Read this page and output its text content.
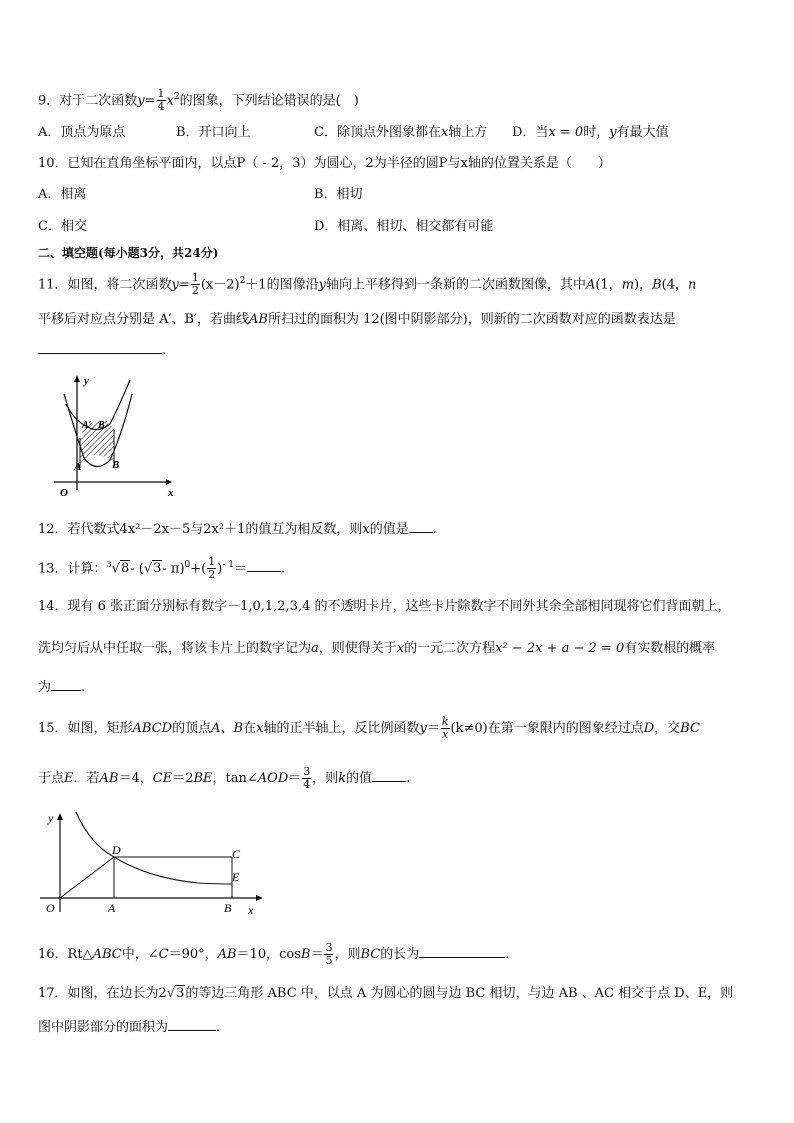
9．对于二次函数$y= \frac{1}{4} x^2$的图象，下列结论错误的是(　)
A．顶点为原点	B．开口向上	C．除顶点外图象都在x轴上方 D．当x = 0时，y有最大值
10．已知在直角坐标平面内，以点P（ - 2，3）为圆心，2为半径的圆P与x轴的位置关系是（　　）
A．相离	B．相切
C．相交	D．相离、相切、相交都有可能
二、填空题(每小题3分，共24分)
11．如图，将二次函数$y= \frac{1}{2} (x-2)^2+1$的图像沿y轴向上平移得到一条新的二次函数图像，其中A(1，m)，B(4，n
平移后对应点分别是 A′、B′，若曲线AB所扫过的面积为 12(图中阴影部分)，则新的二次函数对应的函数表达是
.
y
x
O
A	B
A′ B′
12．若代数式4x²－2x－5与2x²＋1的值互为相反数，则x的值是 .
13．计算：$^3$√8- (√3- $\pi)^0+( \frac{1}{2} )^{- 1}=$	.
14．现有 6 张正面分别标有数字－1,0,1,2,3,4 的不透明卡片，这些卡片除数字不同外其余全部相同现将它们背面朝上，
洗均匀后从中任取一张，将该卡片上的数字记为a，则使得关于x的一元二次方程x² − 2x + a − 2 = 0有实数根的概率
为 .
15．如图，矩形ABCD的顶点A、B在x轴的正半轴上，反比例函数$y= \frac{k}{x} (k\ne 0)$在第一象限内的图象经过点D，交BC
于点E．若AB＝4，CE＝2BE，tan∠AOD＝ $\frac{3}{4}$ ，则k的值	.
y
x
O	A	B
C
D
E
16．Rt△ABC中，∠C＝90°，AB＝10，$\cos B= \frac{3}{5}$ ，则BC的长为	.
17．如图，在边长为2√3的等边三角形 ABC 中，以点 A 为圆心的圆与边 BC 相切，与边 AB 、AC 相交于点 D、E，则
图中阴影部分的面积为	.
